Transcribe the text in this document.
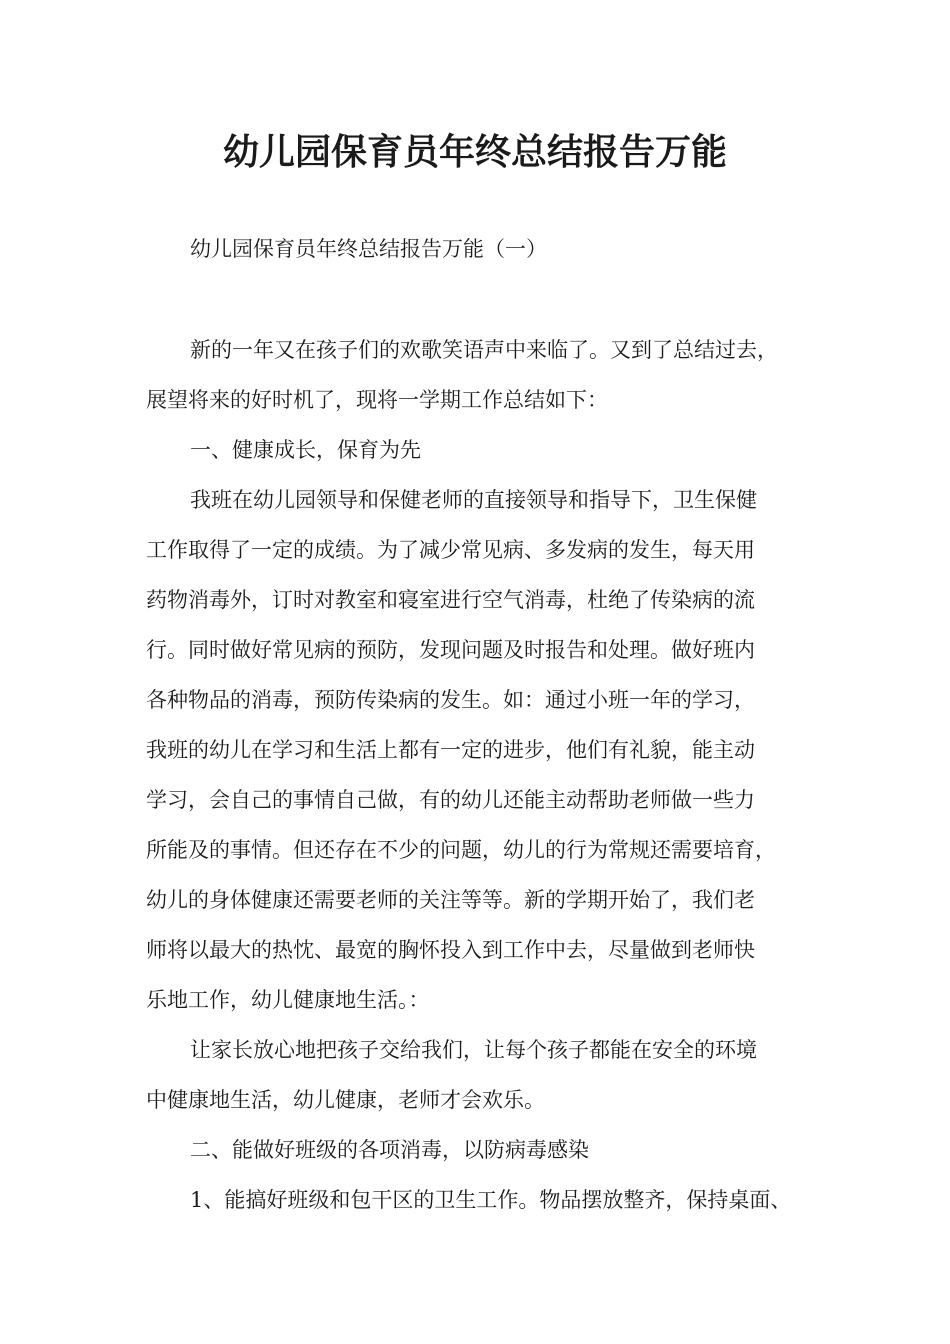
幼儿园保育员年终总结报告万能

幼儿园保育员年终总结报告万能（一）

新的一年又在孩子们的欢歌笑语声中来临了。又到了总结过去，

展望将来的好时机了，现将一学期工作总结如下：

一、健康成长，保育为先

我班在幼儿园领导和保健老师的直接领导和指导下，卫生保健

工作取得了一定的成绩。为了减少常见病、多发病的发生，每天用

药物消毒外，订时对教室和寝室进行空气消毒，杜绝了传染病的流

行。同时做好常见病的预防，发现问题及时报告和处理。做好班内

各种物品的消毒，预防传染病的发生。如：通过小班一年的学习，

我班的幼儿在学习和生活上都有一定的进步，他们有礼貌，能主动

学习，会自己的事情自己做，有的幼儿还能主动帮助老师做一些力

所能及的事情。但还存在不少的问题，幼儿的行为常规还需要培育，

幼儿的身体健康还需要老师的关注等等。新的学期开始了，我们老

师将以最大的热忱、最宽的胸怀投入到工作中去，尽量做到老师快

乐地工作，幼儿健康地生活。：

让家长放心地把孩子交给我们，让每个孩子都能在安全的环境

中健康地生活，幼儿健康，老师才会欢乐。

二、能做好班级的各项消毒，以防病毒感染

1、能搞好班级和包干区的卫生工作。物品摆放整齐，保持桌面、
